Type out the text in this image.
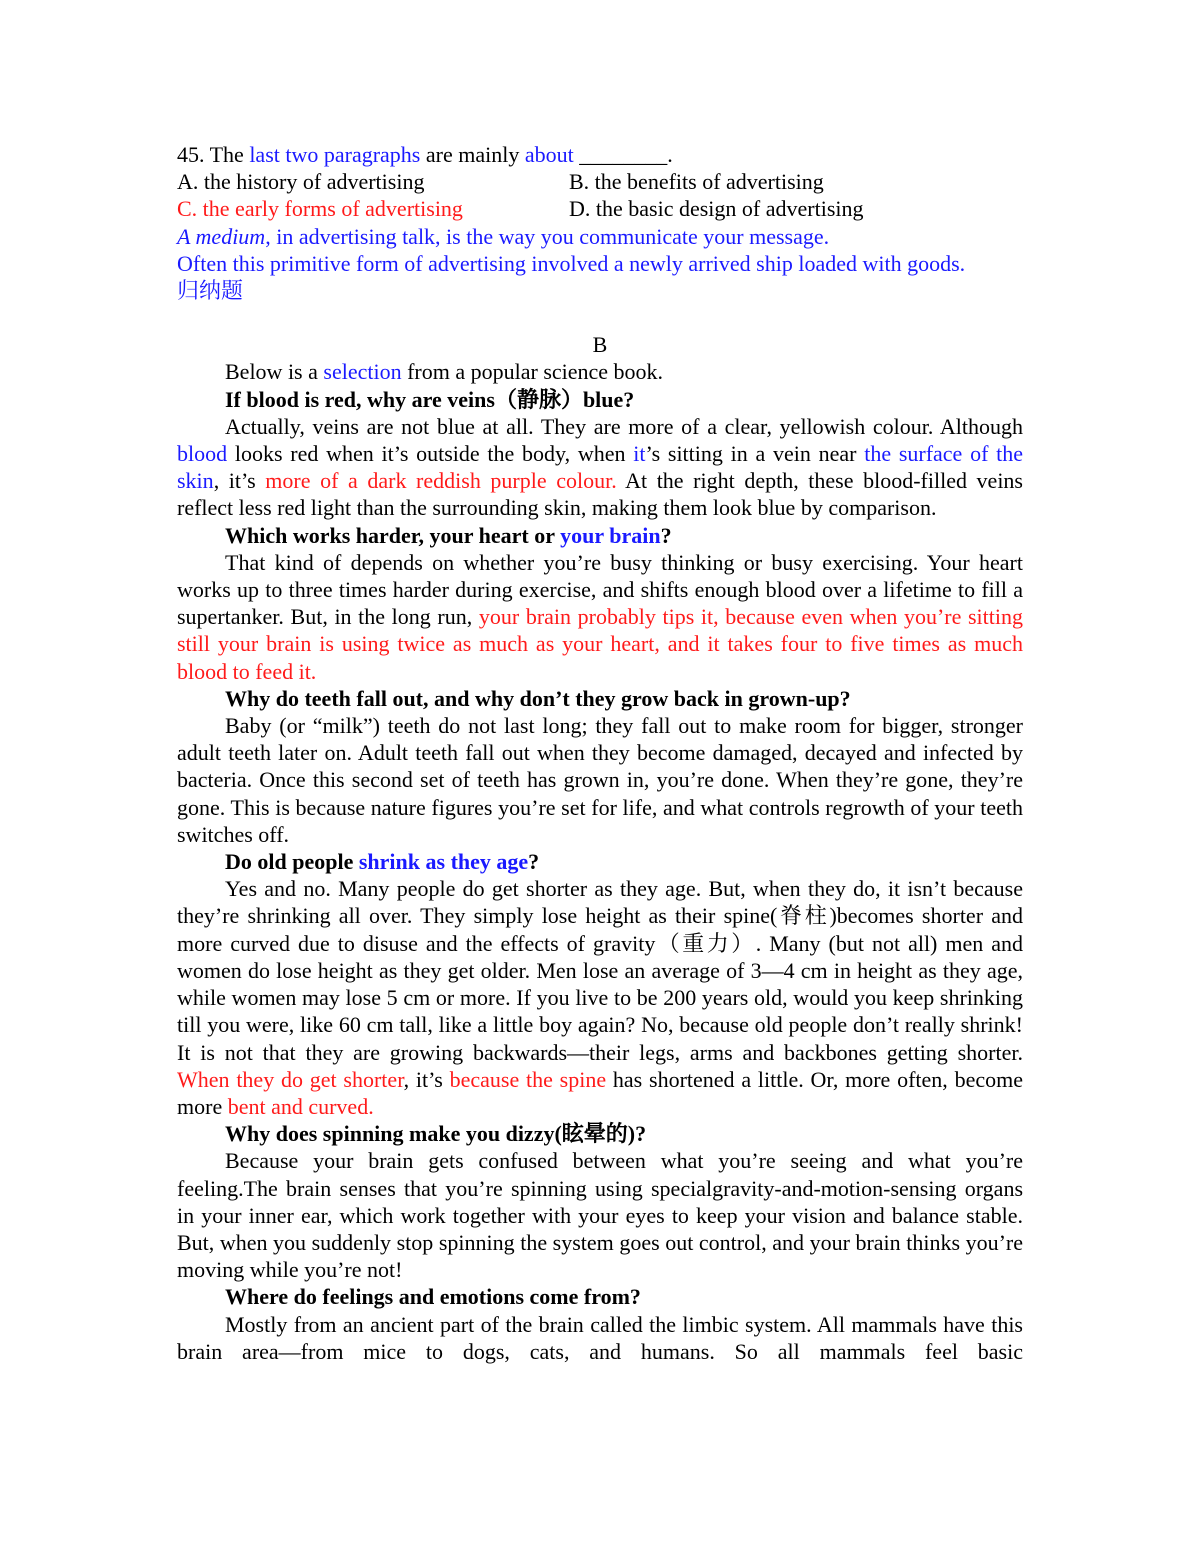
45. The last two paragraphs are mainly about ________.
A. the history of advertising	B. the benefits of advertising
C. the early forms of advertising	D. the basic design of advertising
A medium, in advertising talk, is the way you communicate your message.
Often this primitive form of advertising involved a newly arrived ship loaded with goods.
归纳题
B

Below is a selection from a popular science book.

If blood is red, why are veins（静脉）blue?

Actually, veins are not blue at all. They are more of a clear, yellowish colour. Although blood looks red when it’s outside the body, when it’s sitting in a vein near the surface of the skin, it’s more of a dark reddish purple colour. At the right depth, these blood-filled veins reflect less red light than the surrounding skin, making them look blue by comparison.

Which works harder, your heart or your brain?

That kind of depends on whether you’re busy thinking or busy exercising. Your heart works up to three times harder during exercise, and shifts enough blood over a lifetime to fill a supertanker. But, in the long run, your brain probably tips it, because even when you’re sitting still your brain is using twice as much as your heart, and it takes four to five times as much blood to feed it.

Why do teeth fall out, and why don’t they grow back in grown-up?

Baby (or “milk”) teeth do not last long; they fall out to make room for bigger, stronger adult teeth later on. Adult teeth fall out when they become damaged, decayed and infected by bacteria. Once this second set of teeth has grown in, you’re done. When they’re gone, they’re gone. This is because nature figures you’re set for life, and what controls regrowth of your teeth switches off.

Do old people shrink as they age?

Yes and no. Many people do get shorter as they age. But, when they do, it isn’t because they’re shrinking all over. They simply lose height as their spine(脊柱)becomes shorter and more curved due to disuse and the effects of gravity（重力）. Many (but not all) men and women do lose height as they get older. Men lose an average of 3—4 cm in height as they age, while women may lose 5 cm or more. If you live to be 200 years old, would you keep shrinking till you were, like 60 cm tall, like a little boy again? No, because old people don’t really shrink! It is not that they are growing backwards—their legs, arms and backbones getting shorter. When they do get shorter, it’s because the spine has shortened a little. Or, more often, become more bent and curved.

Why does spinning make you dizzy(眩晕的)?

Because your brain gets confused between what you’re seeing and what you’re feeling.The brain senses that you’re spinning using specialgravity-and-motion-sensing organs in your inner ear, which work together with your eyes to keep your vision and balance stable. But, when you suddenly stop spinning the system goes out control, and your brain thinks you’re moving while you’re not!

Where do feelings and emotions come from?

Mostly from an ancient part of the brain called the limbic system. All mammals have this brain area—from mice to dogs, cats, and humans. So all mammals feel basic
